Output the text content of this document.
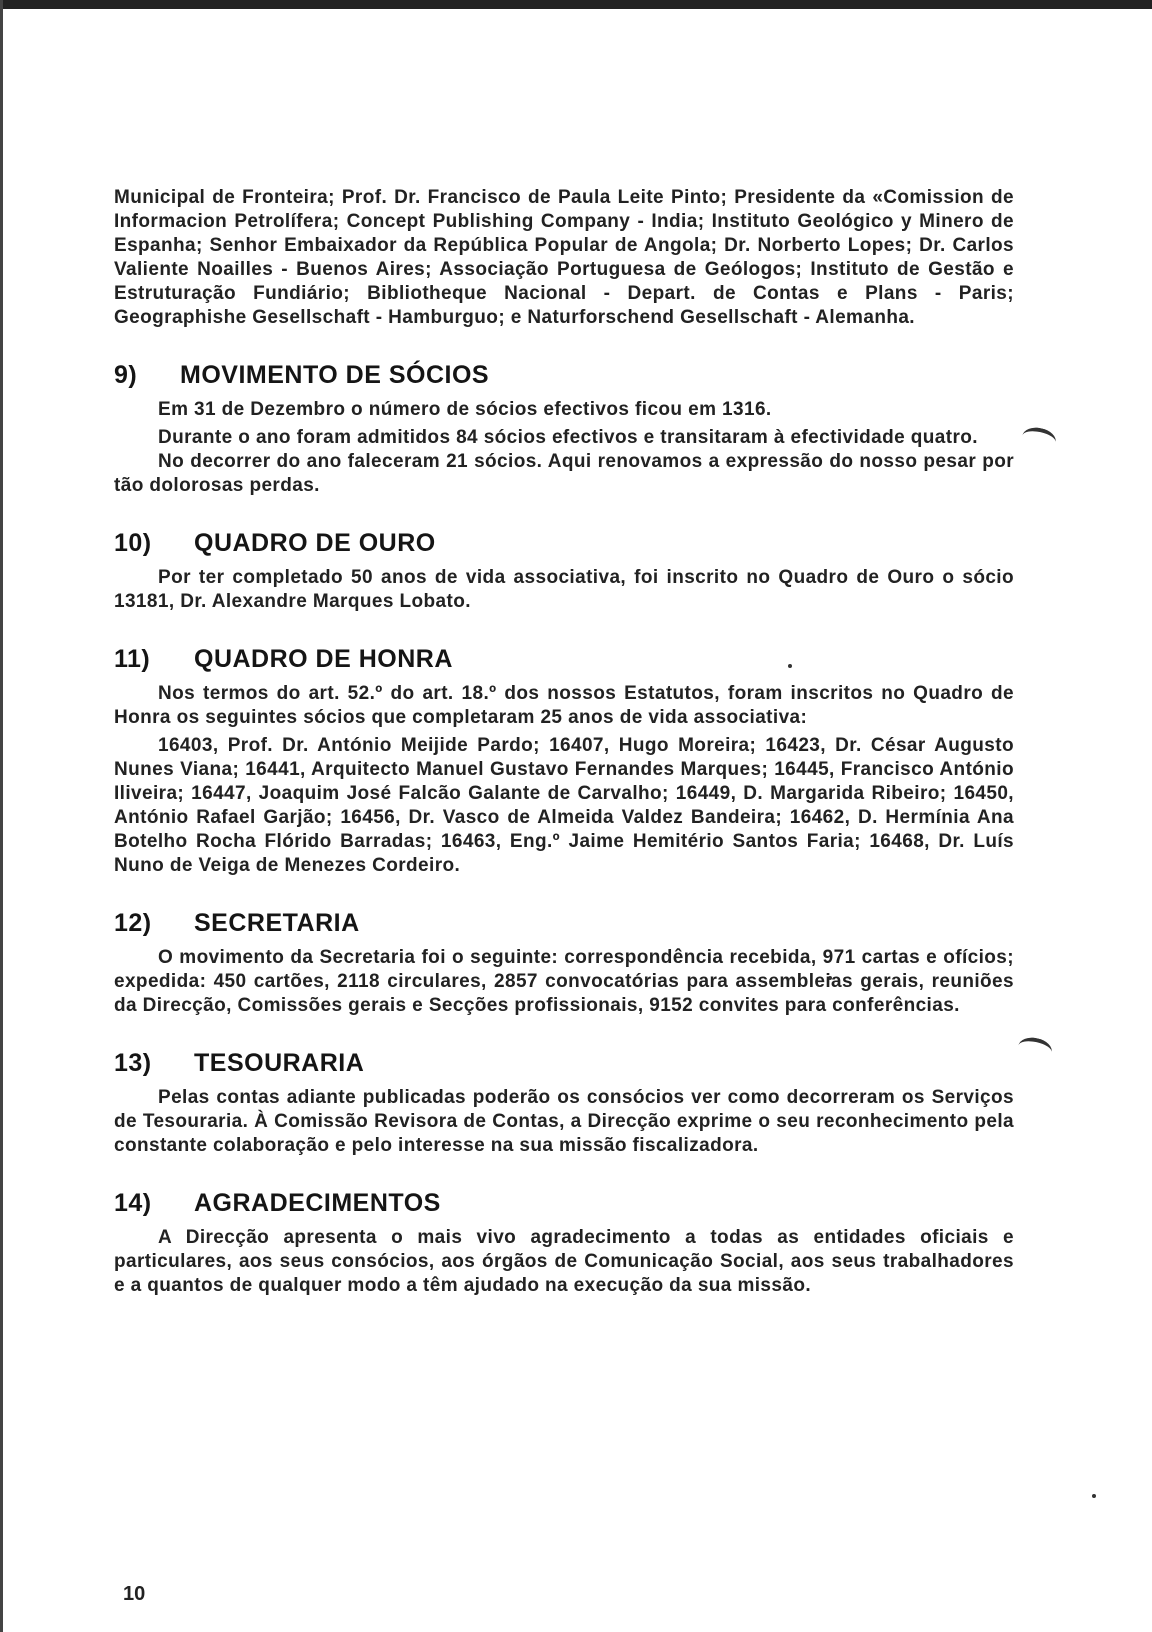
Municipal de Fronteira; Prof. Dr. Francisco de Paula Leite Pinto; Presidente da «Comission de Informacion Petrolífera; Concept Publishing Company - India; Instituto Geológico y Minero de Espanha; Senhor Embaixador da República Popular de Angola; Dr. Norberto Lopes; Dr. Carlos Valiente Noailles - Buenos Aires; Associação Portuguesa de Geólogos; Instituto de Gestão e Estruturação Fundiário; Bibliotheque Nacional - Depart. de Contas e Plans - Paris; Geographishe Gesellschaft - Hamburguo; e Naturforschend Gesellschaft - Alemanha.

9) MOVIMENTO DE SÓCIOS

Em 31 de Dezembro o número de sócios efectivos ficou em 1316.

Durante o ano foram admitidos 84 sócios efectivos e transitaram à efectividade quatro.

No decorrer do ano faleceram 21 sócios. Aqui renovamos a expressão do nosso pesar por tão dolorosas perdas.

10) QUADRO DE OURO

Por ter completado 50 anos de vida associativa, foi inscrito no Quadro de Ouro o sócio 13181, Dr. Alexandre Marques Lobato.

11) QUADRO DE HONRA

Nos termos do art. 52.º do art. 18.º dos nossos Estatutos, foram inscritos no Quadro de Honra os seguintes sócios que completaram 25 anos de vida associativa:

16403, Prof. Dr. António Meijide Pardo; 16407, Hugo Moreira; 16423, Dr. César Augusto Nunes Viana; 16441, Arquitecto Manuel Gustavo Fernandes Marques; 16445, Francisco António Iliveira; 16447, Joaquim José Falcão Galante de Carvalho; 16449, D. Margarida Ribeiro; 16450, António Rafael Garjão; 16456, Dr. Vasco de Almeida Valdez Bandeira; 16462, D. Hermínia Ana Botelho Rocha Flórido Barradas; 16463, Eng.º Jaime Hemitério Santos Faria; 16468, Dr. Luís Nuno de Veiga de Menezes Cordeiro.

12) SECRETARIA

O movimento da Secretaria foi o seguinte: correspondência recebida, 971 cartas e ofícios; expedida: 450 cartões, 2118 circulares, 2857 convocatórias para assembleias gerais, reuniões da Direcção, Comissões gerais e Secções profissionais, 9152 convites para conferências.

13) TESOURARIA

Pelas contas adiante publicadas poderão os consócios ver como decorreram os Serviços de Tesouraria. À Comissão Revisora de Contas, a Direcção exprime o seu reconhecimento pela constante colaboração e pelo interesse na sua missão fiscalizadora.

14) AGRADECIMENTOS

A Direcção apresenta o mais vivo agradecimento a todas as entidades oficiais e particulares, aos seus consócios, aos órgãos de Comunicação Social, aos seus trabalhadores e a quantos de qualquer modo a têm ajudado na execução da sua missão.

10
